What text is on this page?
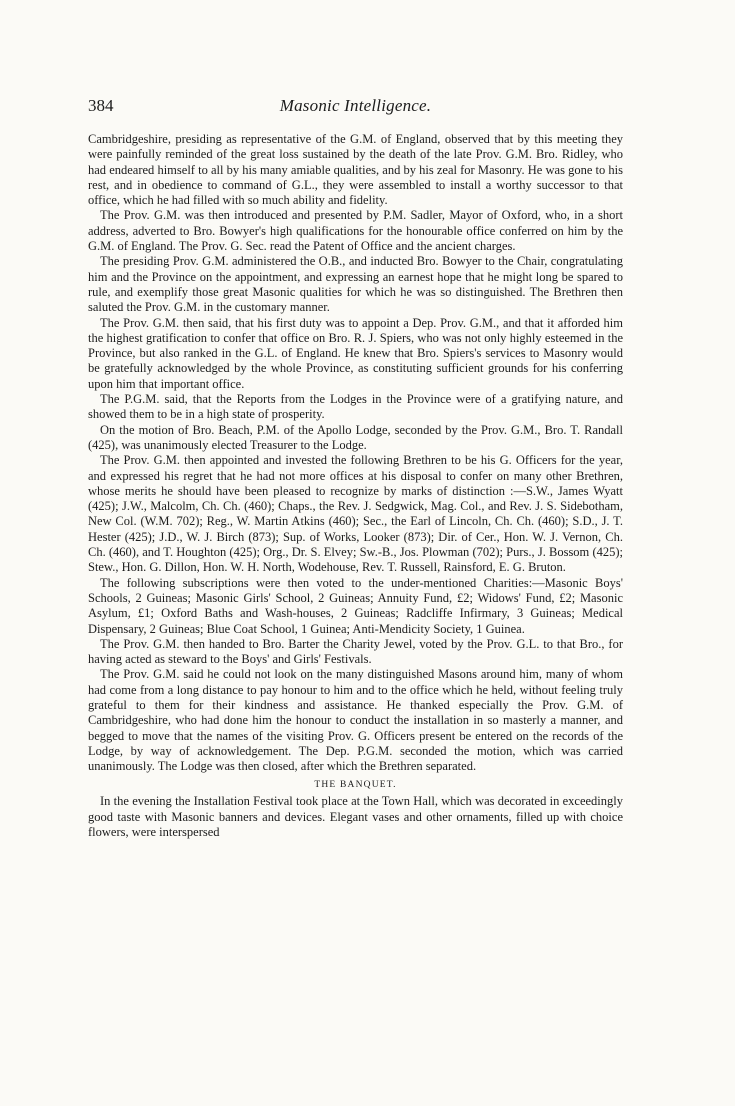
384	Masonic Intelligence.

Cambridgeshire, presiding as representative of the G.M. of England, observed that by this meeting they were painfully reminded of the great loss sustained by the death of the late Prov. G.M. Bro. Ridley, who had endeared himself to all by his many amiable qualities, and by his zeal for Masonry. He was gone to his rest, and in obedience to command of G.L., they were assembled to install a worthy successor to that office, which he had filled with so much ability and fidelity.

The Prov. G.M. was then introduced and presented by P.M. Sadler, Mayor of Oxford, who, in a short address, adverted to Bro. Bowyer's high qualifications for the honourable office conferred on him by the G.M. of England. The Prov. G. Sec. read the Patent of Office and the ancient charges.

The presiding Prov. G.M. administered the O.B., and inducted Bro. Bowyer to the Chair, congratulating him and the Province on the appointment, and expressing an earnest hope that he might long be spared to rule, and exemplify those great Masonic qualities for which he was so distinguished. The Brethren then saluted the Prov. G.M. in the customary manner.

The Prov. G.M. then said, that his first duty was to appoint a Dep. Prov. G.M., and that it afforded him the highest gratification to confer that office on Bro. R. J. Spiers, who was not only highly esteemed in the Province, but also ranked in the G.L. of England. He knew that Bro. Spiers's services to Masonry would be gratefully acknowledged by the whole Province, as constituting sufficient grounds for his conferring upon him that important office.

The P.G.M. said, that the Reports from the Lodges in the Province were of a gratifying nature, and showed them to be in a high state of prosperity.

On the motion of Bro. Beach, P.M. of the Apollo Lodge, seconded by the Prov. G.M., Bro. T. Randall (425), was unanimously elected Treasurer to the Lodge.

The Prov. G.M. then appointed and invested the following Brethren to be his G. Officers for the year, and expressed his regret that he had not more offices at his disposal to confer on many other Brethren, whose merits he should have been pleased to recognize by marks of distinction :—S.W., James Wyatt (425); J.W., Malcolm, Ch. Ch. (460); Chaps., the Rev. J. Sedgwick, Mag. Col., and Rev. J. S. Sidebotham, New Col. (W.M. 702); Reg., W. Martin Atkins (460); Sec., the Earl of Lincoln, Ch. Ch. (460); S.D., J. T. Hester (425); J.D., W. J. Birch (873); Sup. of Works, Looker (873); Dir. of Cer., Hon. W. J. Vernon, Ch. Ch. (460), and T. Houghton (425); Org., Dr. S. Elvey; Sw.-B., Jos. Plowman (702); Purs., J. Bossom (425); Stew., Hon. G. Dillon, Hon. W. H. North, Wodehouse, Rev. T. Russell, Rainsford, E. G. Bruton.

The following subscriptions were then voted to the under-mentioned Charities:—Masonic Boys' Schools, 2 Guineas; Masonic Girls' School, 2 Guineas; Annuity Fund, £2; Widows' Fund, £2; Masonic Asylum, £1; Oxford Baths and Wash-houses, 2 Guineas; Radcliffe Infirmary, 3 Guineas; Medical Dispensary, 2 Guineas; Blue Coat School, 1 Guinea; Anti-Mendicity Society, 1 Guinea.

The Prov. G.M. then handed to Bro. Barter the Charity Jewel, voted by the Prov. G.L. to that Bro., for having acted as steward to the Boys' and Girls' Festivals.

The Prov. G.M. said he could not look on the many distinguished Masons around him, many of whom had come from a long distance to pay honour to him and to the office which he held, without feeling truly grateful to them for their kindness and assistance. He thanked especially the Prov. G.M. of Cambridgeshire, who had done him the honour to conduct the installation in so masterly a manner, and begged to move that the names of the visiting Prov. G. Officers present be entered on the records of the Lodge, by way of acknowledgement. The Dep. P.G.M. seconded the motion, which was carried unanimously. The Lodge was then closed, after which the Brethren separated.

THE BANQUET.

In the evening the Installation Festival took place at the Town Hall, which was decorated in exceedingly good taste with Masonic banners and devices. Elegant vases and other ornaments, filled up with choice flowers, were interspersed
